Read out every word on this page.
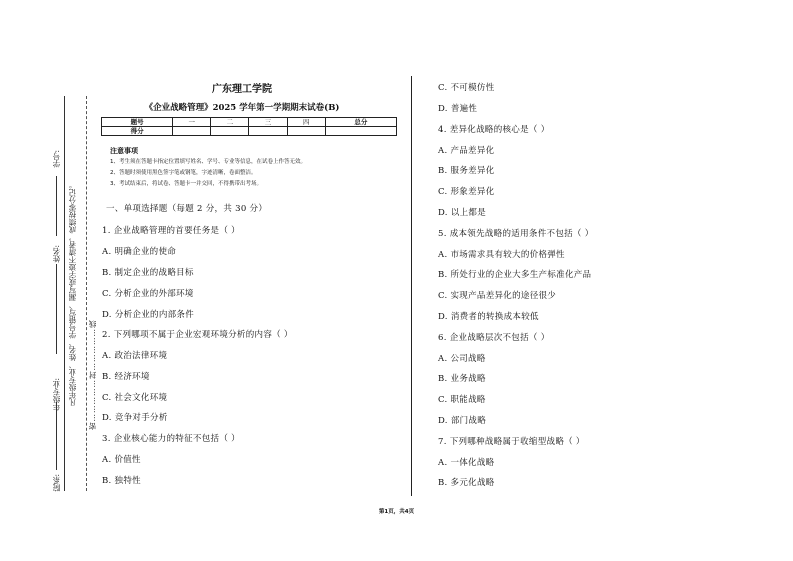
学号:
姓名:
年级专业:
院系:
凡年级专业、姓名、学号错写、漏写或字迹不清者，成绩按零分记。 密……………封……………线
广东理工学院
《企业战略管理》2025 学年第一学期期末试卷(B)
题号	一	二	三	四	总分
得分					
注意事项
1、考生须在答题卡指定位置填写姓名、学号、专业等信息，在试卷上作答无效。
2、答题时须使用黑色签字笔或钢笔，字迹清晰，卷面整洁。
3、考试结束后，将试卷、答题卡一并交回，不得携带出考场。
一、单项选择题（每题 2 分，共 30 分）
1. 企业战略管理的首要任务是（ ）
A. 明确企业的使命
B. 制定企业的战略目标
C. 分析企业的外部环境
D. 分析企业的内部条件
2. 下列哪项不属于企业宏观环境分析的内容（ ）
A. 政治法律环境
B. 经济环境
C. 社会文化环境
D. 竞争对手分析
3. 企业核心能力的特征不包括（ ）
A. 价值性
B. 独特性
C. 不可模仿性
D. 普遍性
4. 差异化战略的核心是（ ）
A. 产品差异化
B. 服务差异化
C. 形象差异化
D. 以上都是
5. 成本领先战略的适用条件不包括（ ）
A. 市场需求具有较大的价格弹性
B. 所处行业的企业大多生产标准化产品
C. 实现产品差异化的途径很少
D. 消费者的转换成本较低
6. 企业战略层次不包括（ ）
A. 公司战略
B. 业务战略
C. 职能战略
D. 部门战略
7. 下列哪种战略属于收缩型战略（ ）
A. 一体化战略
B. 多元化战略
第1页，共4页
